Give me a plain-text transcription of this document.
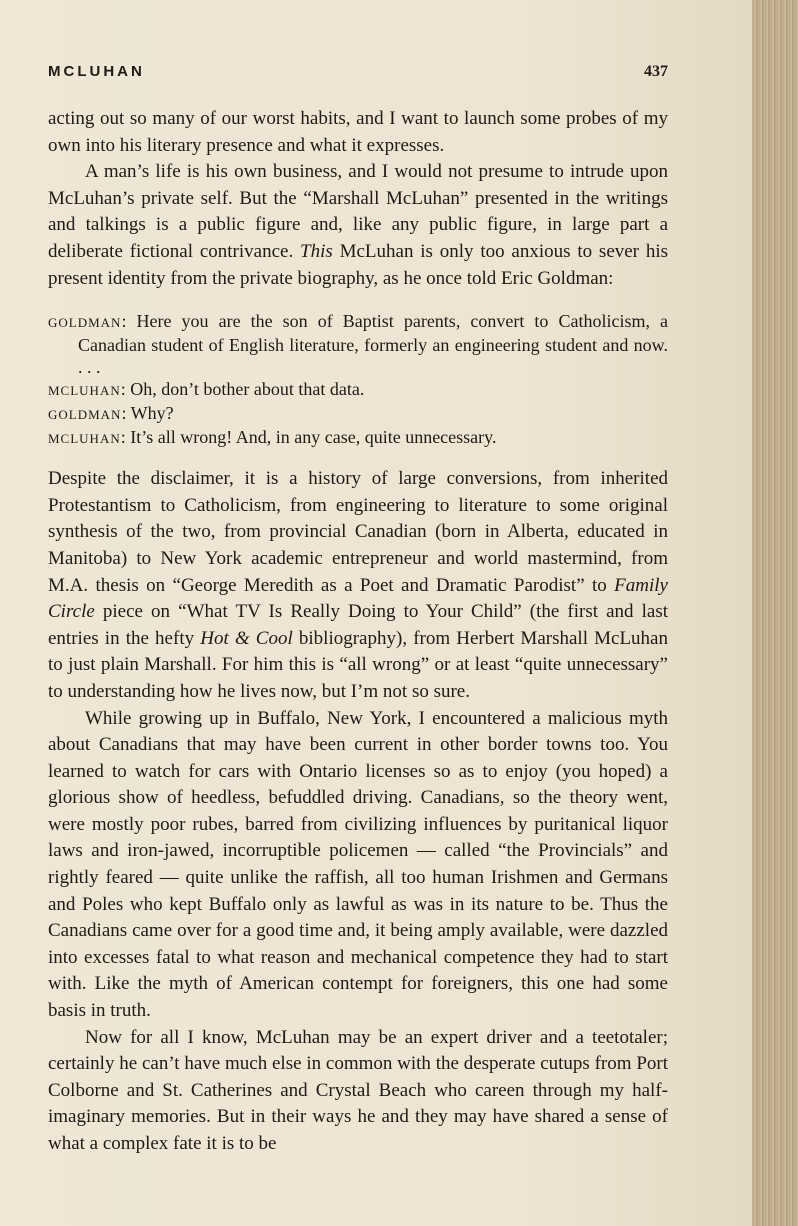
MCLUHAN	437

acting out so many of our worst habits, and I want to launch some probes of my own into his literary presence and what it expresses.

A man’s life is his own business, and I would not presume to intrude upon McLuhan’s private self. But the “Marshall McLuhan” presented in the writings and talkings is a public figure and, like any public figure, in large part a deliberate fictional contrivance. This McLuhan is only too anxious to sever his present identity from the private biography, as he once told Eric Goldman:

GOLDMAN: Here you are the son of Baptist parents, convert to Catholicism, a Canadian student of English literature, formerly an engineering student and now. . . .
MCLUHAN: Oh, don’t bother about that data.
GOLDMAN: Why?
MCLUHAN: It’s all wrong! And, in any case, quite unnecessary.

Despite the disclaimer, it is a history of large conversions, from inherited Protestantism to Catholicism, from engineering to literature to some original synthesis of the two, from provincial Canadian (born in Alberta, educated in Manitoba) to New York academic entrepreneur and world mastermind, from M.A. thesis on “George Meredith as a Poet and Dramatic Parodist” to Family Circle piece on “What TV Is Really Doing to Your Child” (the first and last entries in the hefty Hot & Cool bibliography), from Herbert Marshall McLuhan to just plain Marshall. For him this is “all wrong” or at least “quite unnecessary” to understanding how he lives now, but I’m not so sure.

While growing up in Buffalo, New York, I encountered a malicious myth about Canadians that may have been current in other border towns too. You learned to watch for cars with Ontario licenses so as to enjoy (you hoped) a glorious show of heedless, befuddled driving. Canadians, so the theory went, were mostly poor rubes, barred from civilizing influences by puritanical liquor laws and iron-jawed, incorruptible policemen — called “the Provincials” and rightly feared — quite unlike the raffish, all too human Irishmen and Germans and Poles who kept Buffalo only as lawful as was in its nature to be. Thus the Canadians came over for a good time and, it being amply available, were dazzled into excesses fatal to what reason and mechanical competence they had to start with. Like the myth of American contempt for foreigners, this one had some basis in truth.

Now for all I know, McLuhan may be an expert driver and a teetotaler; certainly he can’t have much else in common with the desperate cutups from Port Colborne and St. Catherines and Crystal Beach who careen through my half-imaginary memories. But in their ways he and they may have shared a sense of what a complex fate it is to be
